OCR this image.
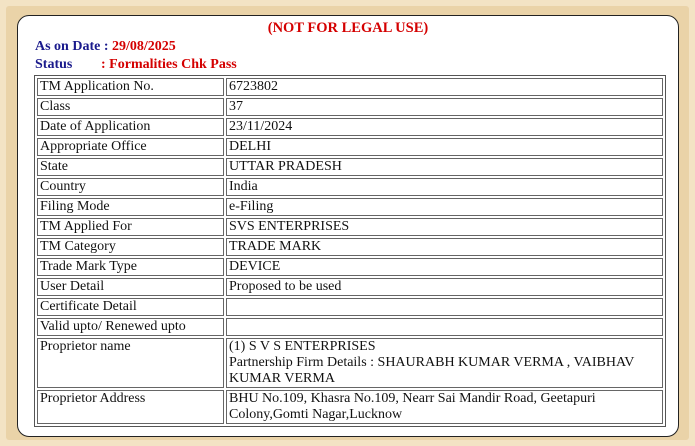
(NOT FOR LEGAL USE)
As on Date : 29/08/2025
Status : Formalities Chk Pass
TM Application No.	6723802
Class	37
Date of Application	23/11/2024
Appropriate Office	DELHI
State	UTTAR PRADESH
Country	India
Filing Mode	e-Filing
TM Applied For	SVS ENTERPRISES
TM Category	TRADE MARK
Trade Mark Type	DEVICE
User Detail	Proposed to be used
Certificate Detail	
Valid upto/ Renewed upto	
Proprietor name	(1) S V S ENTERPRISES
Partnership Firm Details : SHAURABH KUMAR VERMA , VAIBHAV KUMAR VERMA

Proprietor Address	BHU No.109, Khasra No.109, Nearr Sai Mandir Road, Geetapuri Colony,Gomti Nagar,Lucknow
